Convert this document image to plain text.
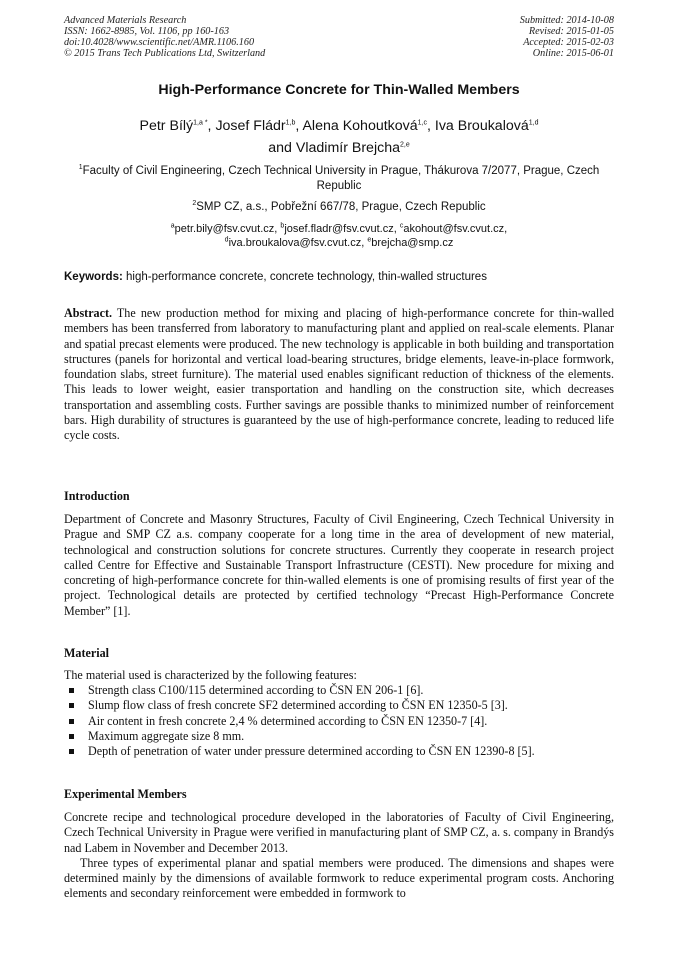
Advanced Materials Research
ISSN: 1662-8985, Vol. 1106, pp 160-163
doi:10.4028/www.scientific.net/AMR.1106.160
© 2015 Trans Tech Publications Ltd, Switzerland
Submitted: 2014-10-08
Revised: 2015-01-05
Accepted: 2015-02-03
Online: 2015-06-01
High-Performance Concrete for Thin-Walled Members
Petr Bílý$^{1,a *}$, Josef Fládr$^{1,b}$, Alena Kohoutková$^{1,c}$, Iva Broukalová$^{1,d}$
and Vladimír Brejcha$^{2,e}$
$^1$Faculty of Civil Engineering, Czech Technical University in Prague, Thákurova 7/2077, Prague, Czech Republic
$^2$SMP CZ, a.s., Pobřežní 667/78, Prague, Czech Republic
$^a$petr.bily@fsv.cvut.cz, $^b$josef.fladr@fsv.cvut.cz, $^c$akohout@fsv.cvut.cz,
$^d$iva.broukalova@fsv.cvut.cz, $^e$brejcha@smp.cz
Keywords: high-performance concrete, concrete technology, thin-walled structures
Abstract. The new production method for mixing and placing of high-performance concrete for thin-walled members has been transferred from laboratory to manufacturing plant and applied on real-scale elements. Planar and spatial precast elements were produced. The new technology is applicable in both building and transportation structures (panels for horizontal and vertical load-bearing structures, bridge elements, leave-in-place formwork, foundation slabs, street furniture). The material used enables significant reduction of thickness of the elements. This leads to lower weight, easier transportation and handling on the construction site, which decreases transportation and assembling costs. Further savings are possible thanks to minimized number of reinforcement bars. High durability of structures is guaranteed by the use of high-performance concrete, leading to reduced life cycle costs.
Introduction
Department of Concrete and Masonry Structures, Faculty of Civil Engineering, Czech Technical University in Prague and SMP CZ a.s. company cooperate for a long time in the area of development of new material, technological and construction solutions for concrete structures. Currently they cooperate in research project called Centre for Effective and Sustainable Transport Infrastructure (CESTI). New procedure for mixing and concreting of high-performance concrete for thin-walled elements is one of promising results of first year of the project. Technological details are protected by certified technology “Precast High-Performance Concrete Member” [1].
Material
The material used is characterized by the following features:
Strength class C100/115 determined according to ČSN EN 206-1 [6].
Slump flow class of fresh concrete SF2 determined according to ČSN EN 12350-5 [3].
Air content in fresh concrete 2,4 % determined according to ČSN EN 12350-7 [4].
Maximum aggregate size 8 mm.
Depth of penetration of water under pressure determined according to ČSN EN 12390-8 [5].
Experimental Members
Concrete recipe and technological procedure developed in the laboratories of Faculty of Civil Engineering, Czech Technical University in Prague were verified in manufacturing plant of SMP CZ, a. s. company in Brandýs nad Labem in November and December 2013.
Three types of experimental planar and spatial members were produced. The dimensions and shapes were determined mainly by the dimensions of available formwork to reduce experimental program costs. Anchoring elements and secondary reinforcement were embedded in formwork to
